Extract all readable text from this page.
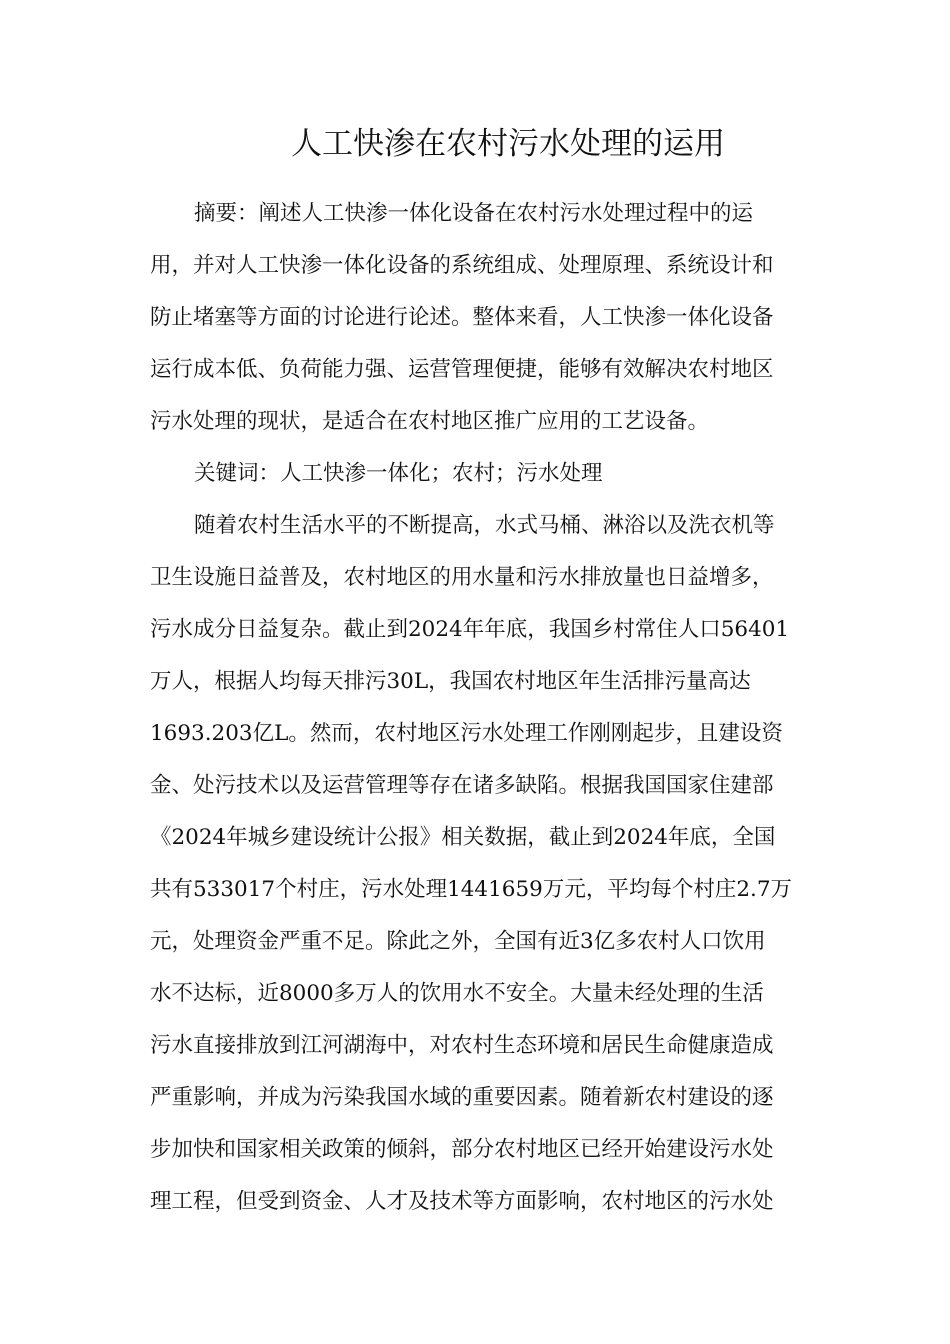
人工快渗在农村污水处理的运用
摘要：阐述人工快渗一体化设备在农村污水处理过程中的运
用，并对人工快渗一体化设备的系统组成、处理原理、系统设计和
防止堵塞等方面的讨论进行论述。整体来看，人工快渗一体化设备
运行成本低、负荷能力强、运营管理便捷，能够有效解决农村地区
污水处理的现状，是适合在农村地区推广应用的工艺设备。
关键词：人工快渗一体化；农村；污水处理
随着农村生活水平的不断提高，水式马桶、淋浴以及洗衣机等
卫生设施日益普及，农村地区的用水量和污水排放量也日益增多，
污水成分日益复杂。截止到2024年年底，我国乡村常住人口56401
万人，根据人均每天排污30L，我国农村地区年生活排污量高达
1693.203亿L。然而，农村地区污水处理工作刚刚起步，且建设资
金、处污技术以及运营管理等存在诸多缺陷。根据我国国家住建部
《2024年城乡建设统计公报》相关数据，截止到2024年底，全国
共有533017个村庄，污水处理1441659万元，平均每个村庄2.7万
元，处理资金严重不足。除此之外，全国有近3亿多农村人口饮用
水不达标，近8000多万人的饮用水不安全。大量未经处理的生活
污水直接排放到江河湖海中，对农村生态环境和居民生命健康造成
严重影响，并成为污染我国水域的重要因素。随着新农村建设的逐
步加快和国家相关政策的倾斜，部分农村地区已经开始建设污水处
理工程，但受到资金、人才及技术等方面影响，农村地区的污水处
